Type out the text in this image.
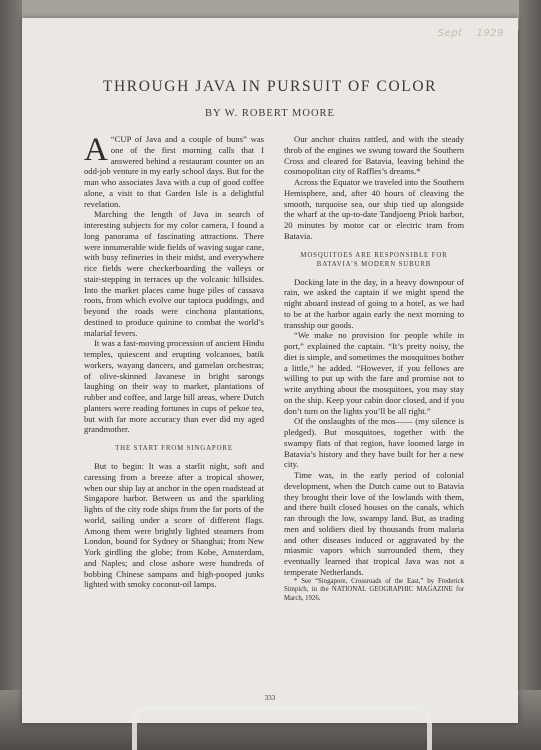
Sept 1929
THROUGH JAVA IN PURSUIT OF COLOR
BY W. ROBERT MOORE

A “CUP of Java and a couple of buns” was one of the first morning calls that I answered behind a restaurant counter on an odd-job venture in my early school days. But for the man who associates Java with a cup of good coffee alone, a visit to that Garden Isle is a delightful revelation.

Marching the length of Java in search of interesting subjects for my color camera, I found a long panorama of fascinating attractions. There were innumerable wide fields of waving sugar cane, with busy refineries in their midst, and everywhere rice fields were checkerboarding the valleys or stair-stepping in terraces up the volcanic hillsides. Into the market places came huge piles of cassava roots, from which evolve our tapioca puddings, and beyond the roads were cinchona plantations, destined to produce quinine to combat the world’s malarial fevers.

It was a fast-moving procession of ancient Hindu temples, quiescent and erupting volcanoes, batik workers, wayang dancers, and gamelan orchestras; of olive-skinned Javanese in bright sarongs laughing on their way to market, plantations of rubber and coffee, and large hill areas, where Dutch planters were reading fortunes in cups of pekoe tea, but with far more accuracy than ever did my aged grandmother.

THE START FROM SINGAPORE

But to begin: It was a starlit night, soft and caressing from a breeze after a tropical shower, when our ship lay at anchor in the open roadstead at Singapore harbor. Between us and the sparkling lights of the city rode ships from the far ports of the world, sailing under a score of different flags. Among them were brightly lighted steamers from London, bound for Sydney or Shanghai; from New York girdling the globe; from Kobe, Amsterdam, and Naples; and close ashore were hundreds of bobbing Chinese sampans and high-pooped junks lighted with smoky coconut-oil lamps.

Our anchor chains rattled, and with the steady throb of the engines we swung toward the Southern Cross and cleared for Batavia, leaving behind the cosmopolitan city of Raffles’s dreams.*

Across the Equator we traveled into the Southern Hemisphere, and, after 40 hours of cleaving the smooth, turquoise sea, our ship tied up alongside the wharf at the up-to-date Tandjoeng Priok harbor, 20 minutes by motor car or electric tram from Batavia.

MOSQUITOES ARE RESPONSIBLE FOR
BATAVIA’S MODERN SUBURB

Docking late in the day, in a heavy downpour of rain, we asked the captain if we might spend the night aboard instead of going to a hotel, as we had to be at the harbor again early the next morning to transship our goods.

“We make no provision for people while in port,” explained the captain. “It’s pretty noisy, the diet is simple, and sometimes the mosquitoes bother a little,” he added. “However, if you fellows are willing to put up with the fare and promise not to write anything about the mosquitoes, you may stay on the ship. Keep your cabin door closed, and if you don’t turn on the lights you’ll be all right.”

Of the onslaughts of the mos—— (my silence is pledged). But mosquitoes, together with the swampy flats of that region, have loomed large in Batavia’s history and they have built for her a new city.

Time was, in the early period of colonial development, when the Dutch came out to Batavia they brought their love of the lowlands with them, and there built closed houses on the canals, which ran through the low, swampy land. But, as trading men and soldiers died by thousands from malaria and other diseases induced or aggravated by the miasmic vapors which surrounded them, they eventually learned that tropical Java was not a temperate Netherlands.

* See “Singapore, Crossroads of the East,” by Frederick Simpich, in the NATIONAL GEOGRAPHIC MAGAZINE for March, 1926.

333
